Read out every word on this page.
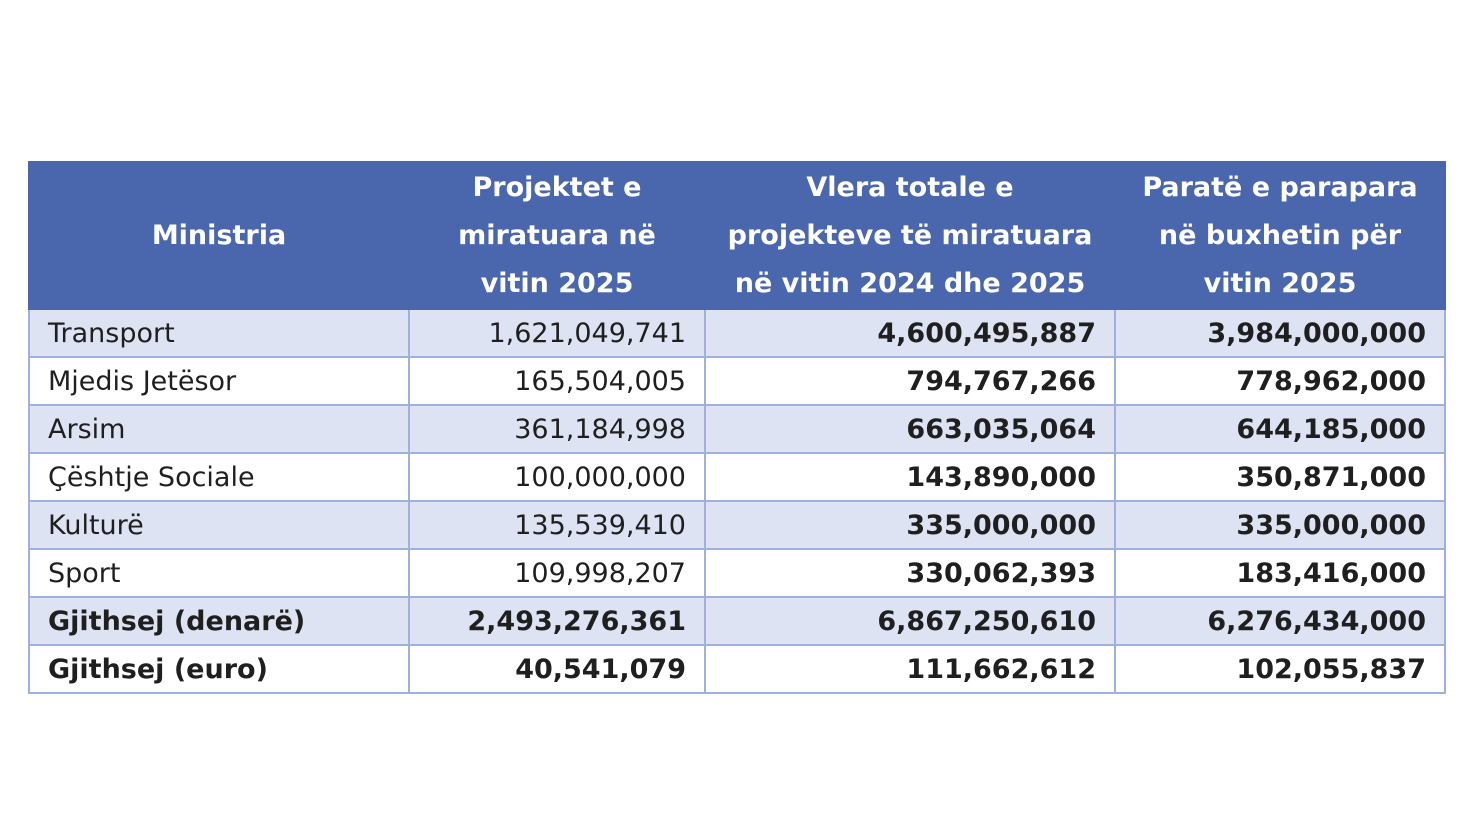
Ministria	Projektet e miratuara në vitin 2025	Vlera totale e projekteve të miratuara në vitin 2024 dhe 2025	Paratë e parapara në buxhetin për vitin 2025
Transport	1,621,049,741	4,600,495,887	3,984,000,000
Mjedis Jetësor	165,504,005	794,767,266	778,962,000
Arsim	361,184,998	663,035,064	644,185,000
Çështje Sociale	100,000,000	143,890,000	350,871,000
Kulturë	135,539,410	335,000,000	335,000,000
Sport	109,998,207	330,062,393	183,416,000
Gjithsej (denarë)	2,493,276,361	6,867,250,610	6,276,434,000
Gjithsej (euro)	40,541,079	111,662,612	102,055,837
